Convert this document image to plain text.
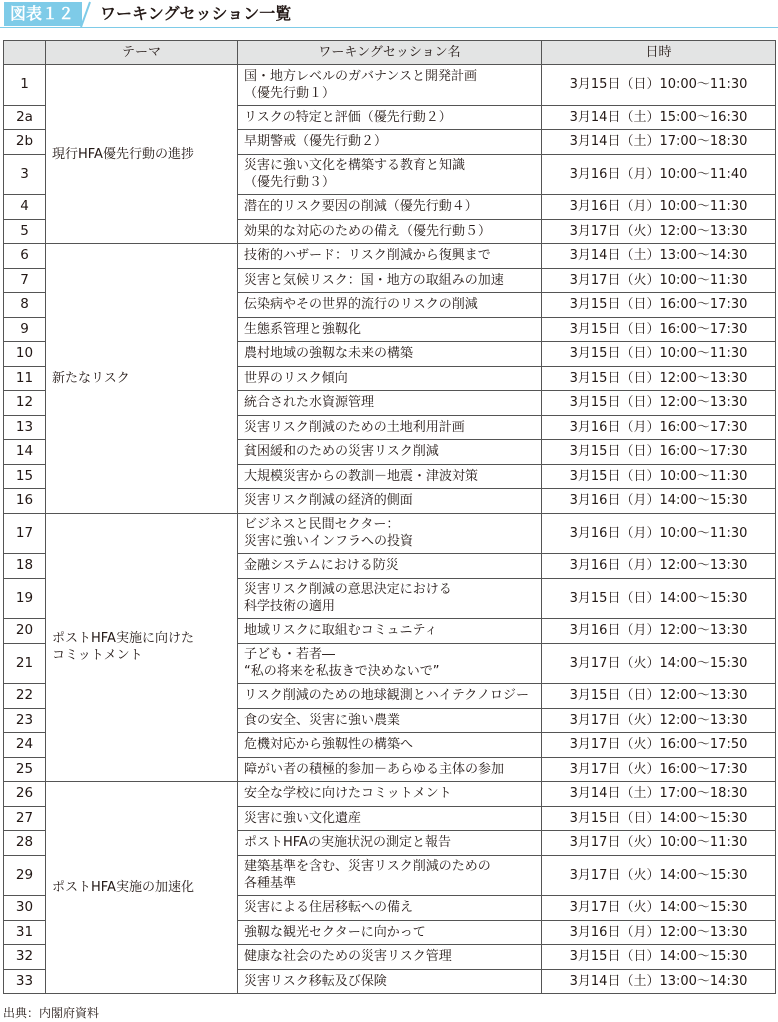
図表１２	ワーキングセッション一覧
	テーマ	ワーキングセッション名	日時
1	現行HFA優先行動の進捗	国・地方レベルのガバナンスと開発計画
（優先行動１）	3月15日（日）10:00～11:30
2a		リスクの特定と評価（優先行動２）	3月14日（土）15:00～16:30
2b		早期警戒（優先行動２）	3月14日（土）17:00～18:30
3		災害に強い文化を構築する教育と知識
（優先行動３）	3月16日（月）10:00～11:40
4		潜在的リスク要因の削減（優先行動４）	3月16日（月）10:00～11:30
5		効果的な対応のための備え（優先行動５）	3月17日（火）12:00～13:30
6	新たなリスク	技術的ハザード：リスク削減から復興まで	3月14日（土）13:00～14:30
7		災害と気候リスク：国・地方の取組みの加速	3月17日（火）10:00～11:30
8		伝染病やその世界的流行のリスクの削減	3月15日（日）16:00～17:30
9		生態系管理と強靱化	3月15日（日）16:00～17:30
10		農村地域の強靱な未来の構築	3月15日（日）10:00～11:30
11		世界のリスク傾向	3月15日（日）12:00～13:30
12		統合された水資源管理	3月15日（日）12:00～13:30
13		災害リスク削減のための土地利用計画	3月16日（月）16:00～17:30
14		貧困緩和のための災害リスク削減	3月15日（日）16:00～17:30
15		大規模災害からの教訓－地震・津波対策	3月15日（日）10:00～11:30
16		災害リスク削減の経済的側面	3月16日（月）14:00～15:30
17	ポストHFA実施に向けた
コミットメント	ビジネスと民間セクター：
災害に強いインフラへの投資	3月16日（月）10:00～11:30
18		金融システムにおける防災	3月16日（月）12:00～13:30
19		災害リスク削減の意思決定における
科学技術の適用	3月15日（日）14:00～15:30
20		地域リスクに取組むコミュニティ	3月16日（月）12:00～13:30
21		子ども・若者―
“私の将来を私抜きで決めないで”	3月17日（火）14:00～15:30
22		リスク削減のための地球観測とハイテクノロジー	3月15日（日）12:00～13:30
23		食の安全、災害に強い農業	3月17日（火）12:00～13:30
24		危機対応から強靱性の構築へ	3月17日（火）16:00～17:50
25		障がい者の積極的参加－あらゆる主体の参加	3月17日（火）16:00～17:30
26	ポストHFA実施の加速化	安全な学校に向けたコミットメント	3月14日（土）17:00～18:30
27		災害に強い文化遺産	3月15日（日）14:00～15:30
28		ポストHFAの実施状況の測定と報告	3月17日（火）10:00～11:30
29		建築基準を含む、災害リスク削減のための
各種基準	3月17日（火）14:00～15:30
30		災害による住居移転への備え	3月17日（火）14:00～15:30
31		強靱な観光セクターに向かって	3月16日（月）12:00～13:30
32		健康な社会のための災害リスク管理	3月15日（日）14:00～15:30
33		災害リスク移転及び保険	3月14日（土）13:00～14:30
出典：内閣府資料
